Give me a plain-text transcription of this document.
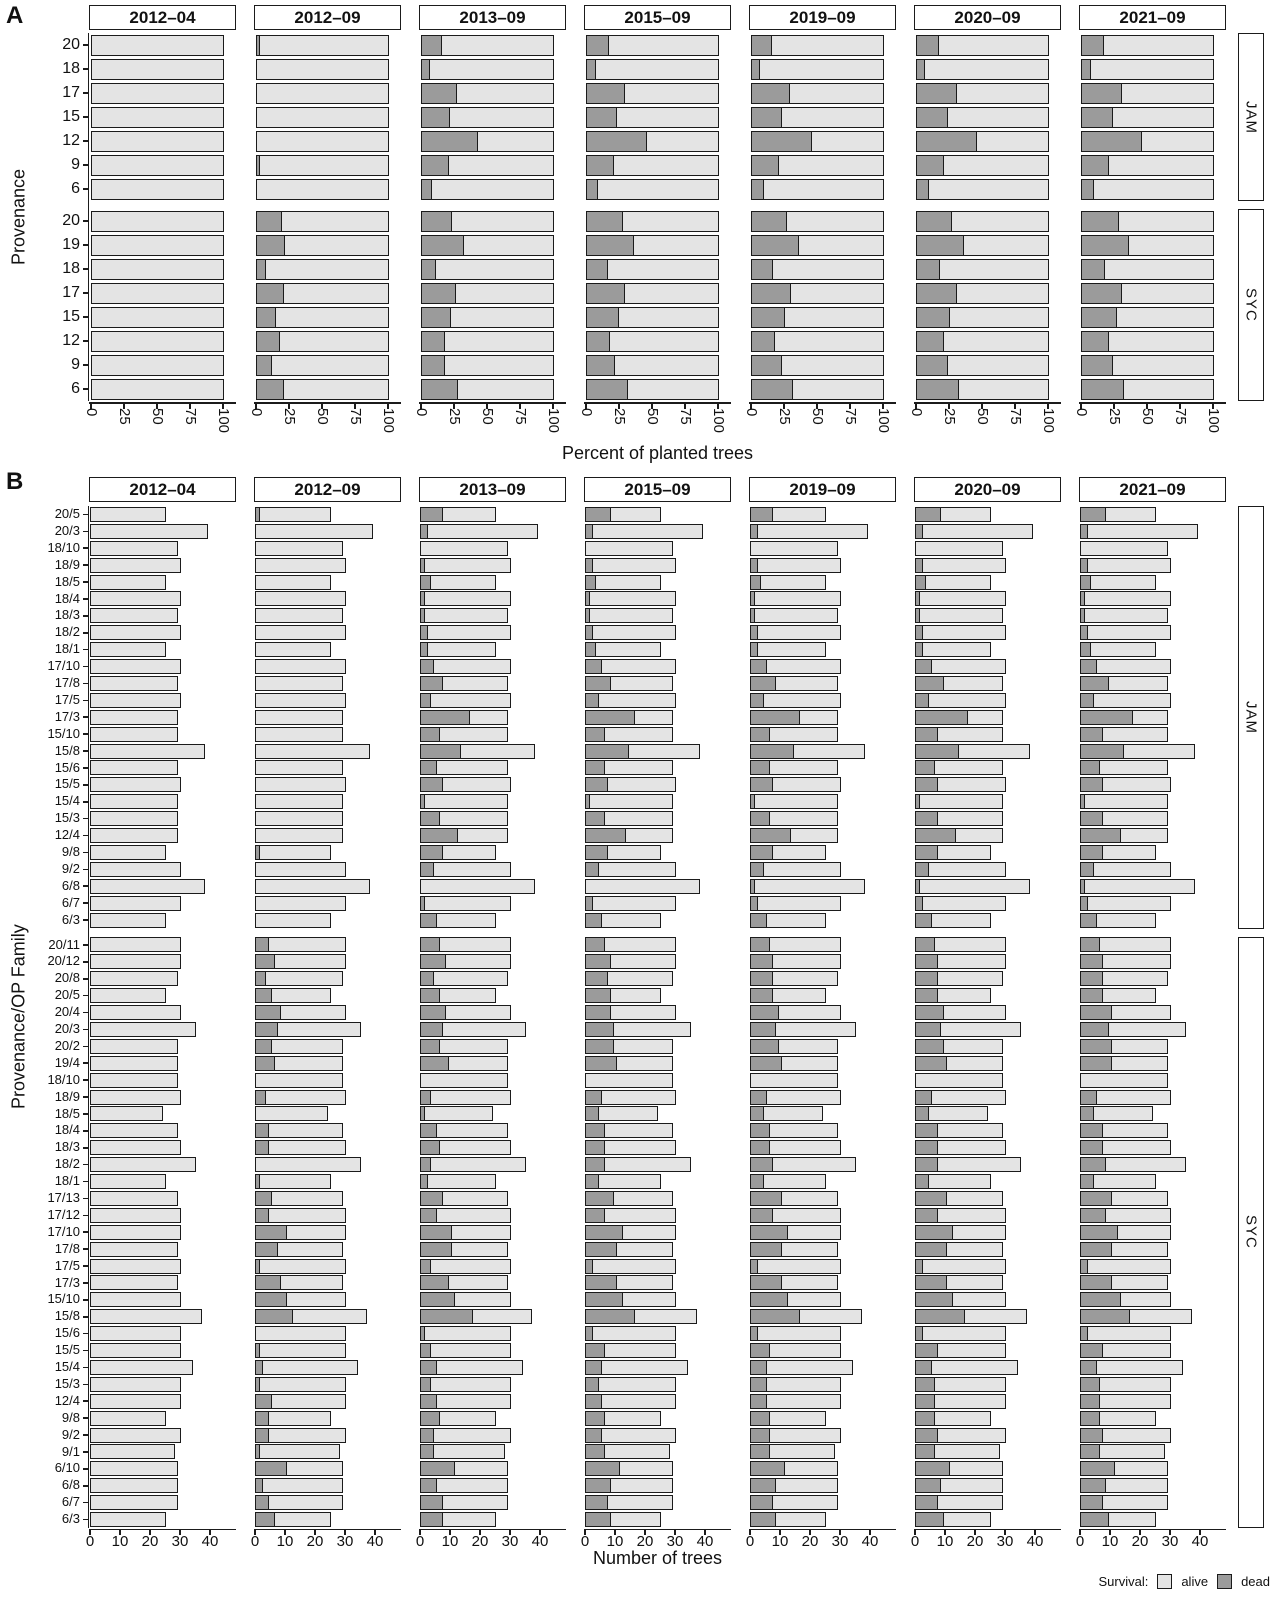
A
B
Provenance
Provenance/OP Family
Percent of planted trees
Number of trees
2012–04	2012–09	2013–09	2015–09	2019–09	2020–09	2021–09
JAM
20
18
17
15
12
9
6
SYC
20
19
18
17
15
12
9
6
0 25 50 75 100 0 25 50 75 100 0 25 50 75 100 0 25 50 75 100 0 25 50 75 100 0 25 50 75 100 0 25 50 75 100
2012–04	2012–09	2013–09	2015–09	2019–09	2020–09	2021–09
JAM
20/5
20/3
18/10
18/9
18/5
18/4
18/3
18/2
18/1
17/10
17/8
17/5
17/3
15/10
15/8
15/6
15/5
15/4
15/3
12/4
9/8
9/2
6/8
6/7
6/3
SYC
20/11
20/12
20/8
20/5
20/4
20/3
20/2
19/4
18/10
18/9
18/5
18/4
18/3
18/2
18/1
17/13
17/12
17/10
17/8
17/5
17/3
15/10
15/8
15/6
15/5
15/4
15/3
12/4
9/8
9/2
9/1
6/10
6/8
6/7
6/3
0	10 20 30 40	0	10 20 30 40	0	10 20 30 40	0	10 20 30 40	0	10 20 30 40	0	10 20 30 40	0	10 20 30 40
Survival:	alive	dead
